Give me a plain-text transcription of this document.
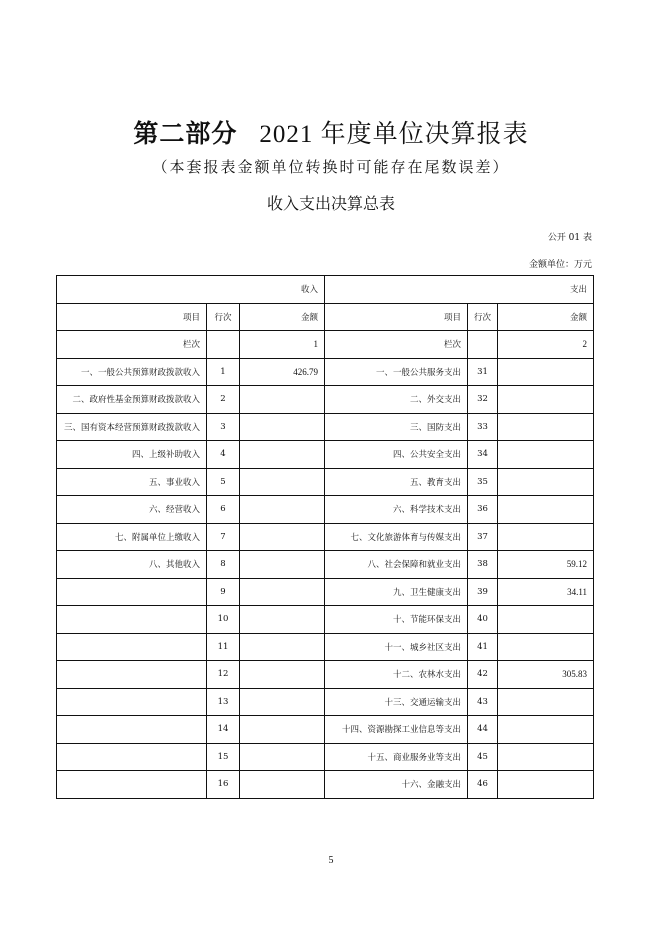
第二部分 2021 年度单位决算报表
（本套报表金额单位转换时可能存在尾数误差）
收入支出决算总表
公开 01 表
金额单位：万元
收入			支出		
项目	行次	金额	项目	行次	金额
栏次		1	栏次		2
一、一般公共预算财政拨款收入	1	426.79	一、一般公共服务支出	31	
二、政府性基金预算财政拨款收入	2		二、外交支出	32	
三、国有资本经营预算财政拨款收入	3		三、国防支出	33	
四、上级补助收入	4		四、公共安全支出	34	
五、事业收入	5		五、教育支出	35	
六、经营收入	6		六、科学技术支出	36	
七、附属单位上缴收入	7		七、文化旅游体育与传媒支出	37	
八、其他收入	8		八、社会保障和就业支出	38	59.12
	9		九、卫生健康支出	39	34.11
	10		十、节能环保支出	40	
	11		十一、城乡社区支出	41	
	12		十二、农林水支出	42	305.83
	13		十三、交通运输支出	43	
	14		十四、资源勘探工业信息等支出	44	
	15		十五、商业服务业等支出	45	
	16		十六、金融支出	46	
5
